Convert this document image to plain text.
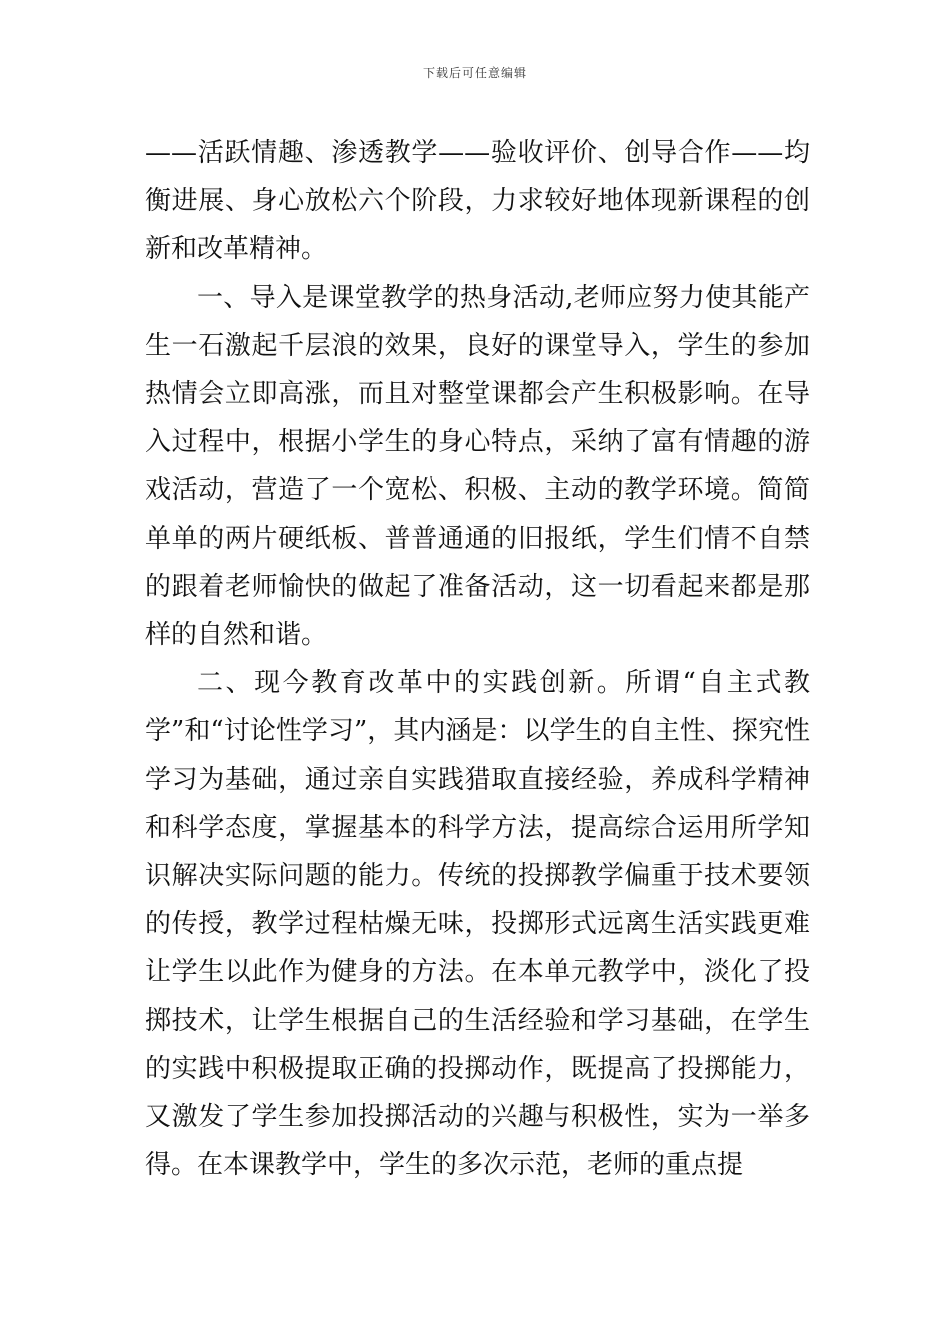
下载后可任意编辑

——活跃情趣、渗透教学——验收评价、创导合作——均衡进展、身心放松六个阶段，力求较好地体现新课程的创新和改革精神。

一、导入是课堂教学的热身活动,老师应努力使其能产生一石激起千层浪的效果，良好的课堂导入，学生的参加热情会立即高涨，而且对整堂课都会产生积极影响。在导入过程中，根据小学生的身心特点，采纳了富有情趣的游戏活动，营造了一个宽松、积极、主动的教学环境。简简单单的两片硬纸板、普普通通的旧报纸，学生们情不自禁的跟着老师愉快的做起了准备活动，这一切看起来都是那样的自然和谐。

二、现今教育改革中的实践创新。所谓“自主式教学”和“讨论性学习”，其内涵是：以学生的自主性、探究性学习为基础，通过亲自实践猎取直接经验，养成科学精神和科学态度，掌握基本的科学方法，提高综合运用所学知识解决实际问题的能力。传统的投掷教学偏重于技术要领的传授，教学过程枯燥无味，投掷形式远离生活实践更难让学生以此作为健身的方法。在本单元教学中，淡化了投掷技术，让学生根据自己的生活经验和学习基础，在学生的实践中积极提取正确的投掷动作，既提高了投掷能力，又激发了学生参加投掷活动的兴趣与积极性，实为一举多得。在本课教学中，学生的多次示范，老师的重点提
